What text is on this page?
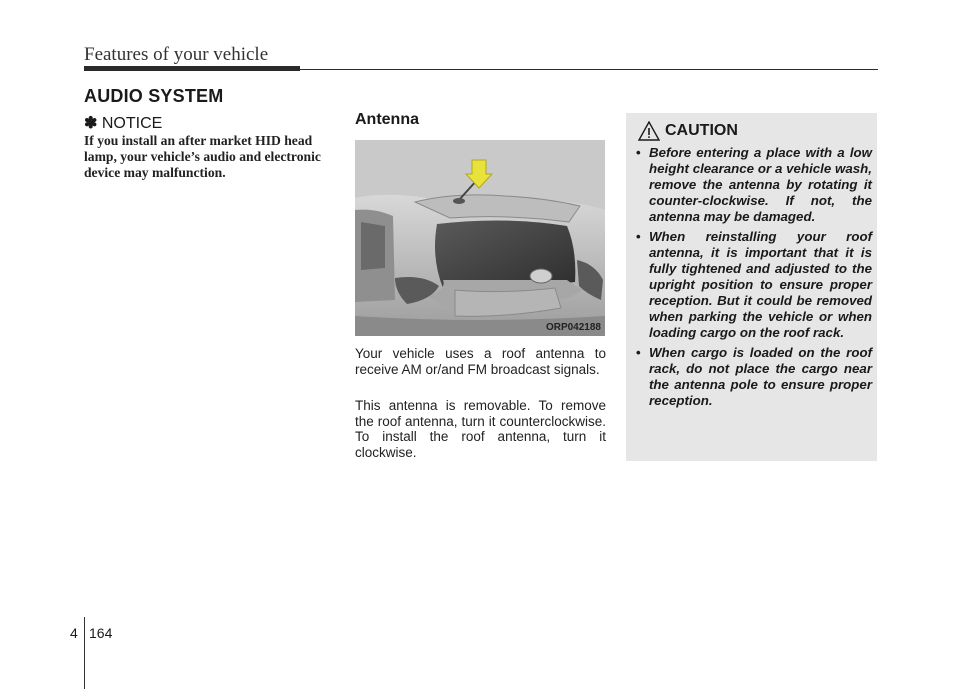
Features of your vehicle
AUDIO SYSTEM
✽ NOTICE
If you install an after market HID head lamp, your vehicle’s audio and electronic device may malfunction.
Antenna
ORP042188
Your vehicle uses a roof antenna to receive AM or/and FM broadcast signals.
This antenna is removable. To remove the roof antenna, turn it counterclockwise. To install the roof antenna, turn it clockwise.
CAUTION
• Before entering a place with a low height clearance or a vehicle wash, remove the antenna by rotating it counter-clockwise. If not, the antenna may be damaged.
• When reinstalling your roof antenna, it is important that it is fully tightened and adjusted to the upright position to ensure proper reception. But it could be removed when parking the vehicle or when loading cargo on the roof rack.
• When cargo is loaded on the roof rack, do not place the cargo near the antenna pole to ensure proper reception.
4 164
